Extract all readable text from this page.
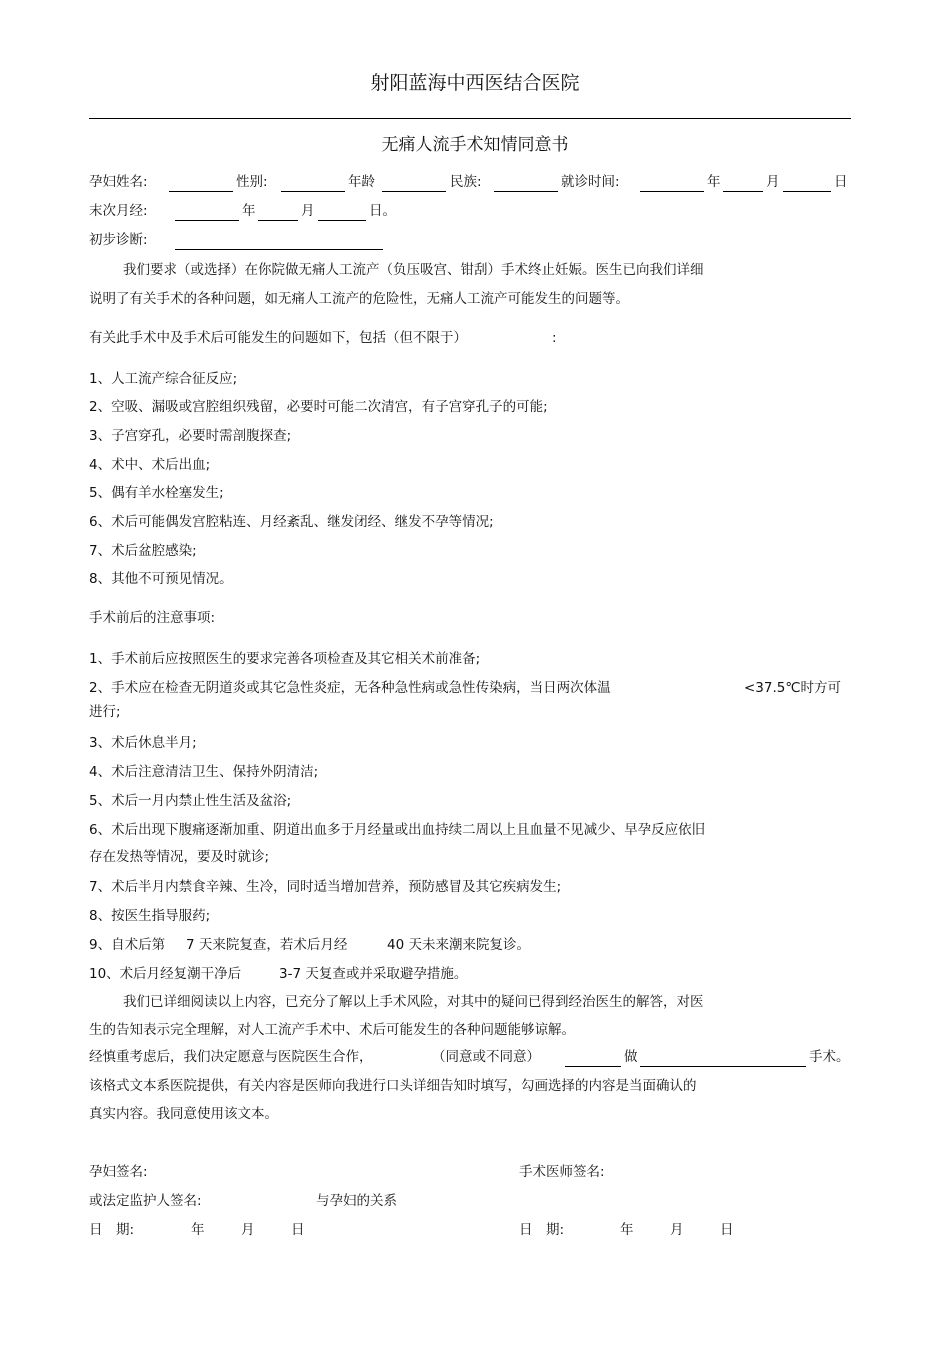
射阳蓝海中西医结合医院
无痛人流手术知情同意书
孕妇姓名:	性别:	年龄	民族:	就诊时间:	年	月	日
末次月经:	年	月	日。
初步诊断:
我们要求（或选择）在你院做无痛人工流产（负压吸宫、钳刮）手术终止妊娠。医生已向我们详细
说明了有关手术的各种问题，如无痛人工流产的危险性，无痛人工流产可能发生的问题等。
有关此手术中及手术后可能发生的问题如下，包括（但不限于）	:
1、人工流产综合征反应;
2、空吸、漏吸或宫腔组织残留，必要时可能二次清宫，有子宫穿孔子的可能;
3、子宫穿孔，必要时需剖腹探查;
4、术中、术后出血;
5、偶有羊水栓塞发生;
6、术后可能偶发宫腔粘连、月经紊乱、继发闭经、继发不孕等情况;
7、术后盆腔感染;
8、其他不可预见情况。
手术前后的注意事项:
1、手术前后应按照医生的要求完善各项检查及其它相关术前准备;
2、手术应在检查无阴道炎或其它急性炎症，无各种急性病或急性传染病，当日两次体温	<37.5℃时方可
进行;
3、术后休息半月;
4、术后注意清洁卫生、保持外阴清洁;
5、术后一月内禁止性生活及盆浴;
6、术后出现下腹痛逐渐加重、阴道出血多于月经量或出血持续二周以上且血量不见减少、早孕反应依旧
存在发热等情况，要及时就诊;
7、术后半月内禁食辛辣、生冷，同时适当增加营养，预防感冒及其它疾病发生;
8、按医生指导服药;
9、自术后第 7 天来院复查，若术后月经	40 天未来潮来院复诊。
10、术后月经复潮干净后	3-7 天复查或并采取避孕措施。
我们已详细阅读以上内容，已充分了解以上手术风险，对其中的疑问已得到经治医生的解答，对医
生的告知表示完全理解，对人工流产手术中、术后可能发生的各种问题能够谅解。
经慎重考虑后，我们决定愿意与医院医生合作，	（同意或不同意）	做	手术。
该格式文本系医院提供，有关内容是医师向我进行口头详细告知时填写，勾画选择的内容是当面确认的
真实内容。我同意使用该文本。
孕妇签名:	手术医师签名:
或法定监护人签名:	与孕妇的关系
日　期:	年	月	日	日　期:	年	月	日
